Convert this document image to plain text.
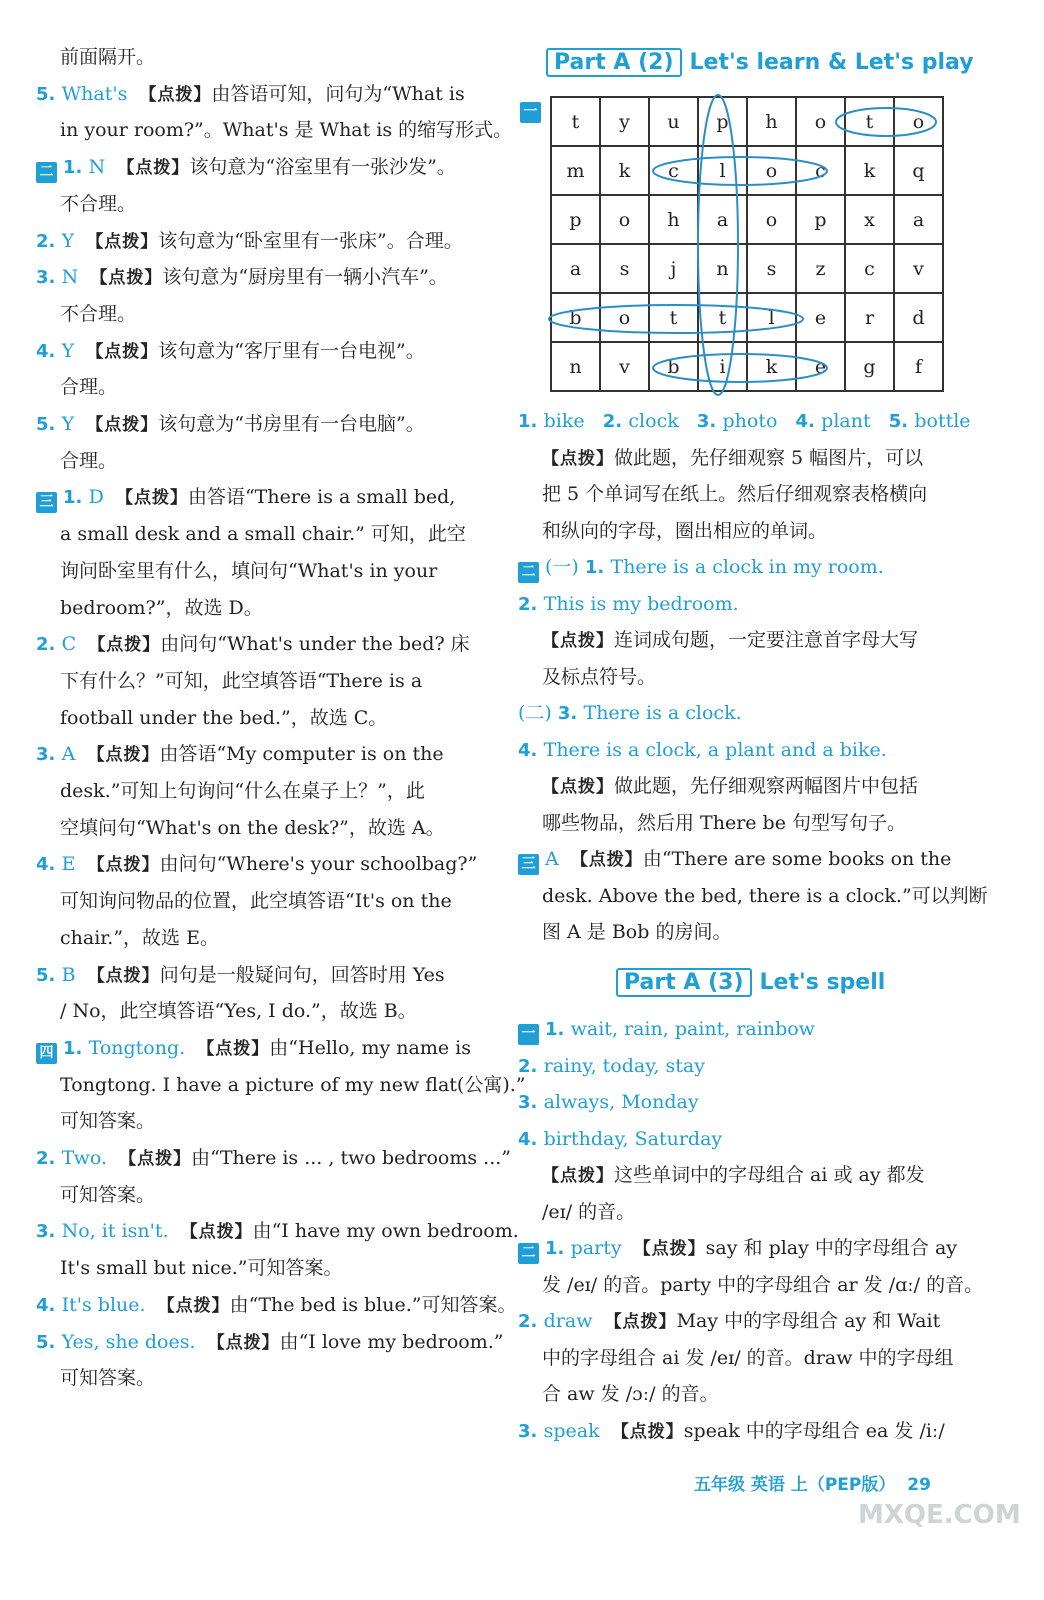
前面隔开。
5. What's  【点拨】由答语可知，问句为“What is
in your room?”。What's 是 What is 的缩写形式。
二 1. N  【点拨】该句意为“浴室里有一张沙发”。
不合理。
2. Y  【点拨】该句意为“卧室里有一张床”。合理。
3. N  【点拨】该句意为“厨房里有一辆小汽车”。
不合理。
4. Y  【点拨】该句意为“客厅里有一台电视”。
合理。
5. Y  【点拨】该句意为“书房里有一台电脑”。
合理。
三 1. D  【点拨】由答语“There is a small bed,
a small desk and a small chair.” 可知，此空
询问卧室里有什么，填问句“What's in your
bedroom?”，故选 D。
2. C  【点拨】由问句“What's under the bed? 床
下有什么？”可知，此空填答语“There is a
football under the bed.”，故选 C。
3. A  【点拨】由答语“My computer is on the
desk.”可知上句询问“什么在桌子上？”，此
空填问句“What's on the desk?”，故选 A。
4. E  【点拨】由问句“Where's your schoolbag?”
可知询问物品的位置，此空填答语“It's on the
chair.”，故选 E。
5. B  【点拨】问句是一般疑问句，回答时用 Yes
/ No，此空填答语“Yes, I do.”，故选 B。
四 1. Tongtong.  【点拨】由“Hello, my name is
Tongtong. I have a picture of my new flat(公寓).”
可知答案。
2. Two.  【点拨】由“There is ... , two bedrooms ...”
可知答案。
3. No, it isn't.  【点拨】由“I have my own bedroom.
It's small but nice.”可知答案。
4. It's blue.  【点拨】由“The bed is blue.”可知答案。
5. Yes, she does.  【点拨】由“I love my bedroom.”
可知答案。
Part A (2) Let's learn & Let's play
一	t	y	u	p	h	o	t	o
m	k	c	l	o	c	k	q
p	o	h	a	o	p	x	a
a	s	j	n	s	z	c	v
b	o	t	t	l	e	r	d
n	v	b	i	k	e	g	f
1. bike   2. clock   3. photo   4. plant   5. bottle
【点拨】做此题，先仔细观察 5 幅图片，可以
把 5 个单词写在纸上。然后仔细观察表格横向
和纵向的字母，圈出相应的单词。
二 (一) 1. There is a clock in my room.
2. This is my bedroom.
【点拨】连词成句题，一定要注意首字母大写
及标点符号。
(二) 3. There is a clock.
4. There is a clock, a plant and a bike.
【点拨】做此题，先仔细观察两幅图片中包括
哪些物品，然后用 There be 句型写句子。
三 A  【点拨】由“There are some books on the
desk. Above the bed, there is a clock.”可以判断
图 A 是 Bob 的房间。
Part A (3) Let's spell
一 1. wait, rain, paint, rainbow
2. rainy, today, stay
3. always, Monday
4. birthday, Saturday
【点拨】这些单词中的字母组合 ai 或 ay 都发
/eɪ/ 的音。
二 1. party  【点拨】say 和 play 中的字母组合 ay
发 /eɪ/ 的音。party 中的字母组合 ar 发 /ɑː/ 的音。
2. draw  【点拨】May 中的字母组合 ay 和 Wait
中的字母组合 ai 发 /eɪ/ 的音。draw 中的字母组
合 aw 发 /ɔː/ 的音。
3. speak  【点拨】speak 中的字母组合 ea 发 /iː/
五年级 英语 上（PEP版） 29
MXQE.COM
